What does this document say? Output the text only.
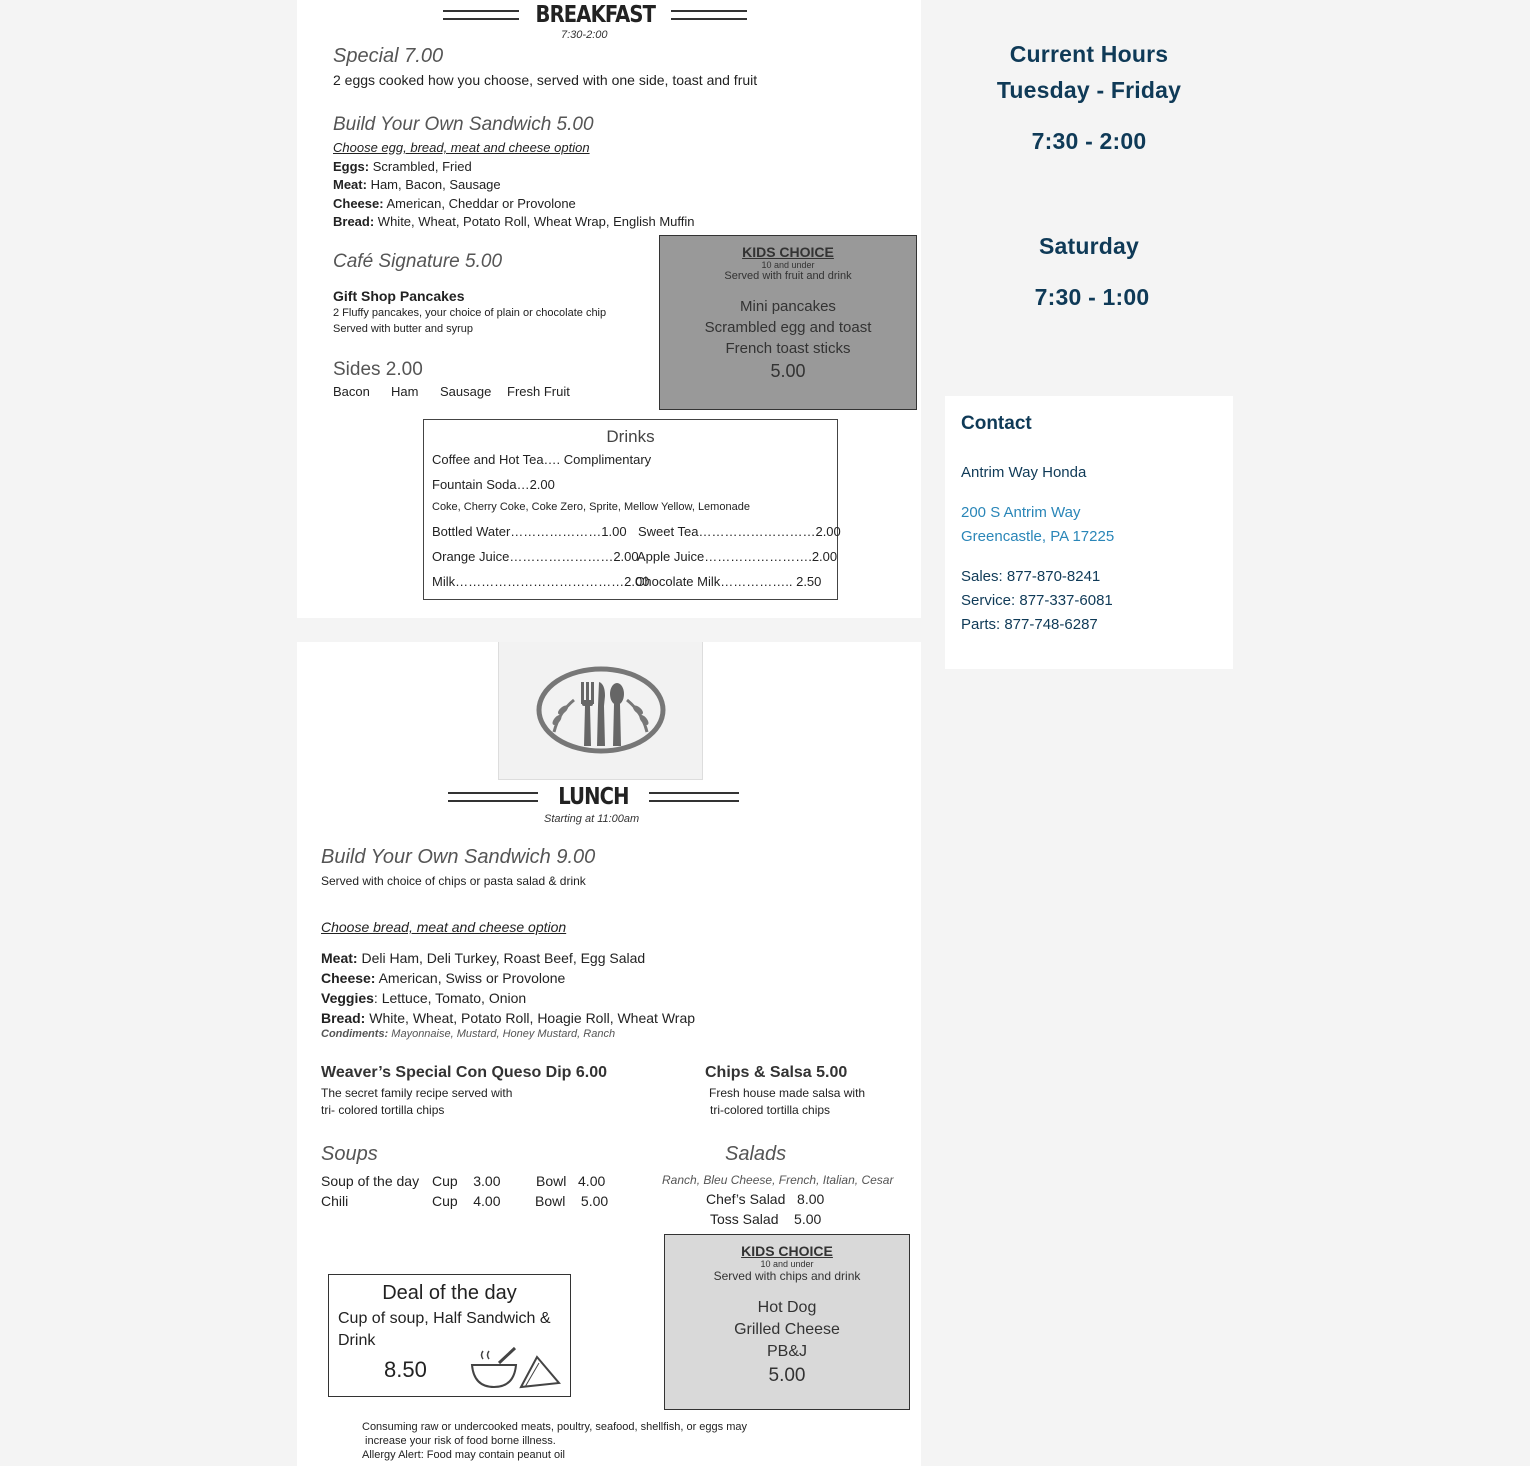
BREAKFAST
7:30-2:00
Special 7.00
2 eggs cooked how you choose, served with one side, toast and fruit
Build Your Own Sandwich 5.00
Choose egg, bread, meat and cheese option
Eggs: Scrambled, Fried
Meat: Ham, Bacon, Sausage
Cheese: American, Cheddar or Provolone
Bread: White, Wheat, Potato Roll, Wheat Wrap, English Muffin
Café Signature 5.00
Gift Shop Pancakes
2 Fluffy pancakes, your choice of plain or chocolate chip
Served with butter and syrup
Sides 2.00
Bacon Ham Sausage Fresh Fruit
KIDS CHOICE
10 and under
Served with fruit and drink
Mini pancakes
Scrambled egg and toast
French toast sticks
5.00
Drinks
Coffee and Hot Tea…. Complimentary
Fountain Soda…2.00
Coke, Cherry Coke, Coke Zero, Sprite, Mellow Yellow, Lemonade
Bottled Water…………………1.00 Sweet Tea………………………2.00
Orange Juice……………………2.00
Apple Juice…………………….2.00
Milk…………………………………2.00
Chocolate Milk…………….. 2.50
LUNCH
Starting at 11:00am
Build Your Own Sandwich 9.00
Served with choice of chips or pasta salad & drink
Choose bread, meat and cheese option
Meat: Deli Ham, Deli Turkey, Roast Beef, Egg Salad
Cheese: American, Swiss or Provolone
Veggies: Lettuce, Tomato, Onion
Bread: White, Wheat, Potato Roll, Hoagie Roll, Wheat Wrap
Condiments: Mayonnaise, Mustard, Honey Mustard, Ranch
Weaver’s Special Con Queso Dip 6.00
The secret family recipe served with
tri- colored tortilla chips
Chips & Salsa 5.00
Fresh house made salsa with
tri-colored tortilla chips
Soups
Soup of the day Cup    3.00	Bowl   4.00
Chili	Cup    4.00 Bowl    5.00
Salads
Ranch, Bleu Cheese, French, Italian, Cesar
Chef’s Salad   8.00
Toss Salad    5.00
Deal of the day
Cup of soup, Half Sandwich &
Drink
8.50
KIDS CHOICE
10 and under
Served with chips and drink
Hot Dog
Grilled Cheese
PB&J
5.00
Consuming raw or undercooked meats, poultry, seafood, shellfish, or eggs may
increase your risk of food borne illness.
Allergy Alert: Food may contain peanut oil
Current Hours
Tuesday - Friday
7:30 - 2:00
Saturday
7:30 - 1:00
Contact
Antrim Way Honda
200 S Antrim Way
Greencastle, PA 17225
Sales: 877-870-8241
Service: 877-337-6081
Parts: 877-748-6287
